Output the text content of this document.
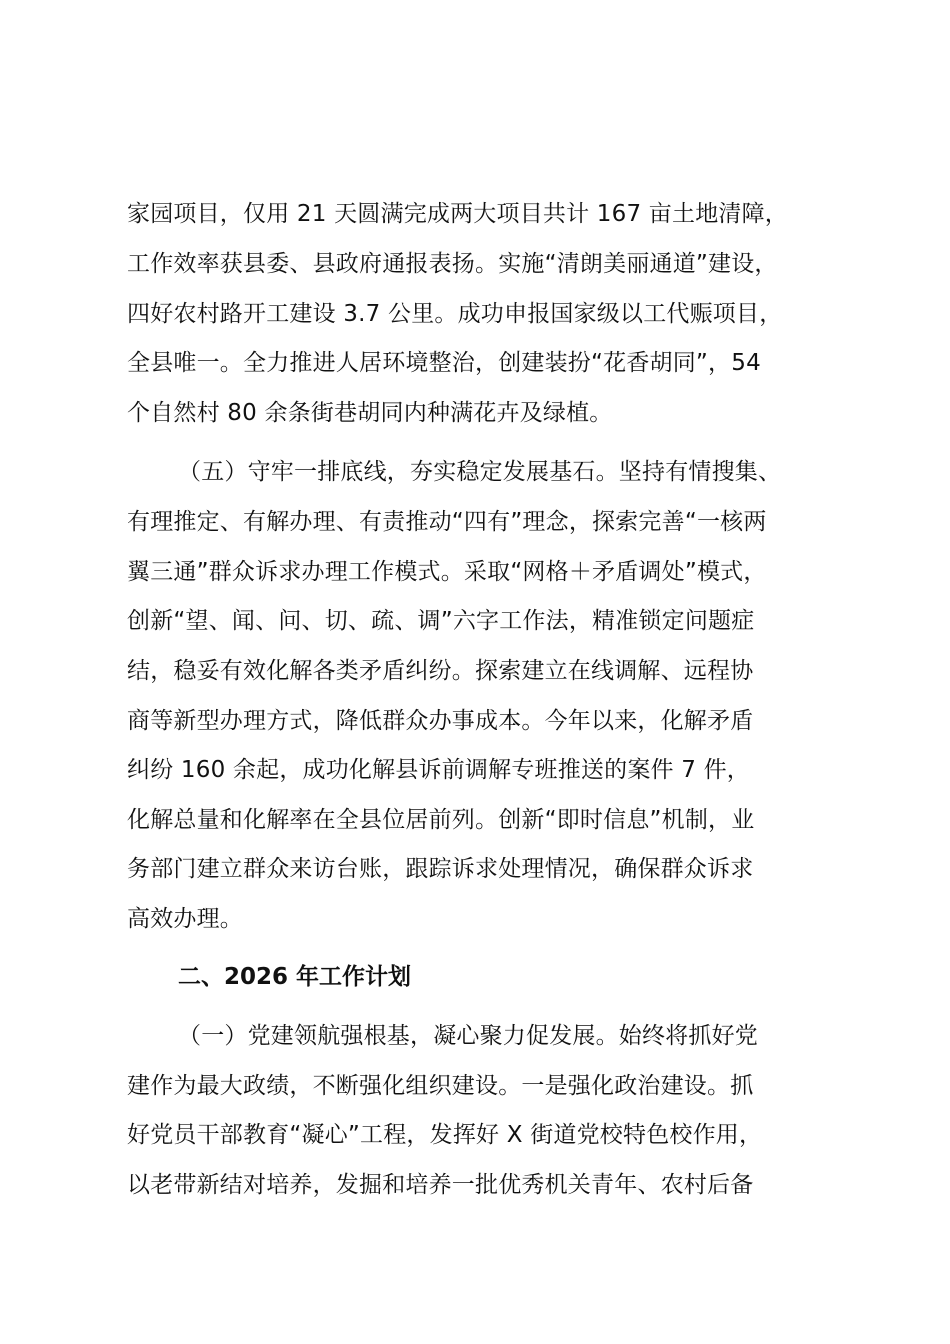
家园项目，仅用 21 天圆满完成两大项目共计 167 亩土地清障，
工作效率获县委、县政府通报表扬。实施“清朗美丽通道”建设，
四好农村路开工建设 3.7 公里。成功申报国家级以工代赈项目，
全县唯一。全力推进人居环境整治，创建装扮“花香胡同”，54
个自然村 80 余条街巷胡同内种满花卉及绿植。
（五）守牢一排底线，夯实稳定发展基石。坚持有情搜集、
有理推定、有解办理、有责推动“四有”理念，探索完善“一核两
翼三通”群众诉求办理工作模式。采取“网格＋矛盾调处”模式，
创新“望、闻、问、切、疏、调”六字工作法，精准锁定问题症
结，稳妥有效化解各类矛盾纠纷。探索建立在线调解、远程协
商等新型办理方式，降低群众办事成本。今年以来，化解矛盾
纠纷 160 余起，成功化解县诉前调解专班推送的案件 7 件，
化解总量和化解率在全县位居前列。创新“即时信息”机制，业
务部门建立群众来访台账，跟踪诉求处理情况，确保群众诉求
高效办理。
二、2026 年工作计划
（一）党建领航强根基，凝心聚力促发展。始终将抓好党
建作为最大政绩，不断强化组织建设。一是强化政治建设。抓
好党员干部教育“凝心”工程，发挥好 X 街道党校特色校作用，
以老带新结对培养，发掘和培养一批优秀机关青年、农村后备
